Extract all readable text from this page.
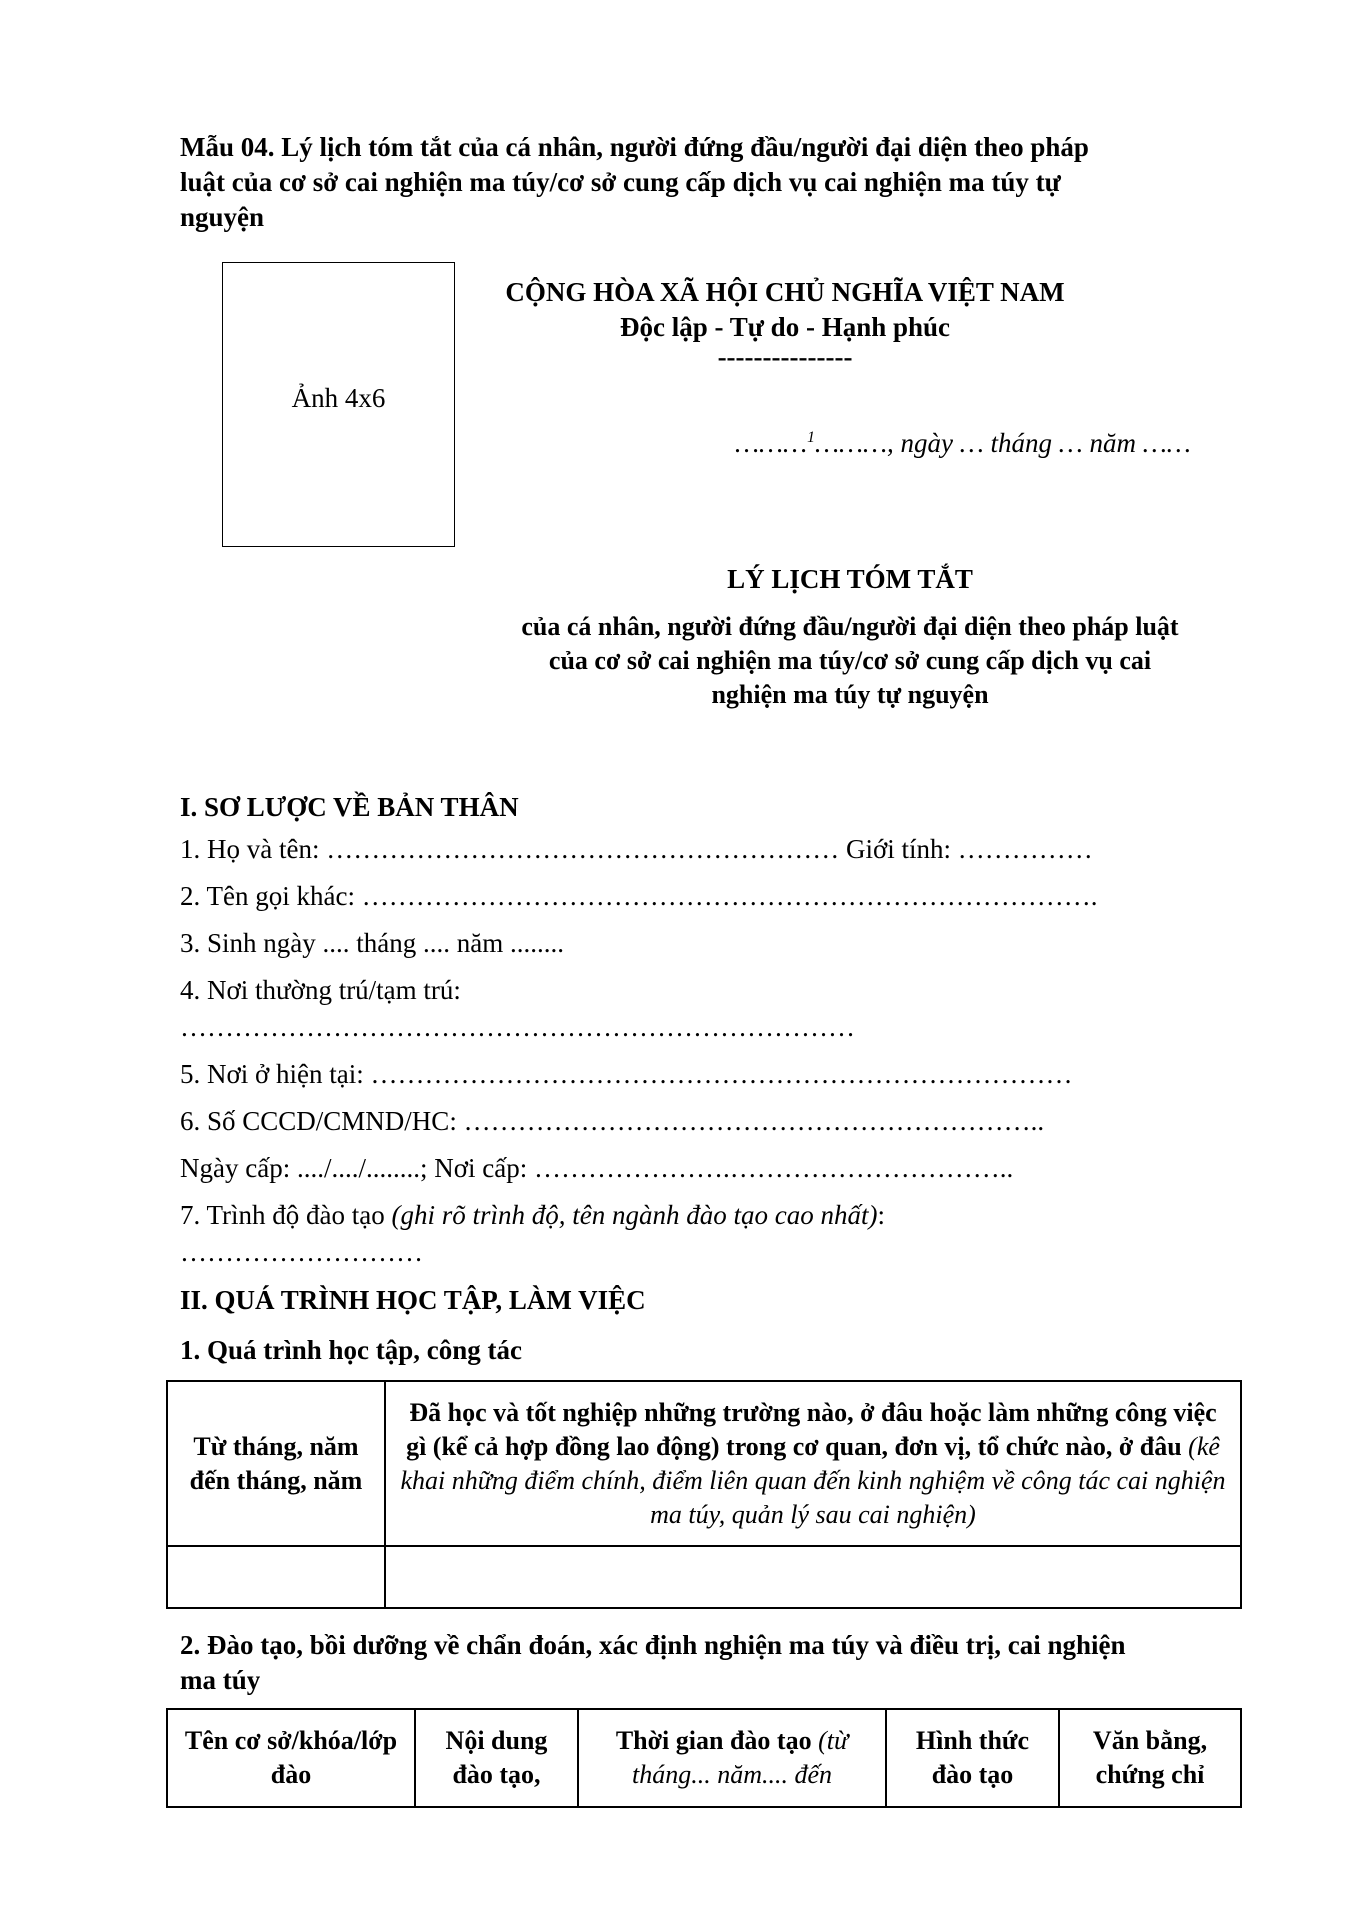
Mẫu 04. Lý lịch tóm tắt của cá nhân, người đứng đầu/người đại diện theo pháp
luật của cơ sở cai nghiện ma túy/cơ sở cung cấp dịch vụ cai nghiện ma túy tự
nguyện
Ảnh 4x6
CỘNG HÒA XÃ HỘI CHỦ NGHĨA VIỆT NAM
Độc lập - Tự do - Hạnh phúc
---------------
………$^1$………, ngày … tháng … năm ……
LÝ LỊCH TÓM TẮT
của cá nhân, người đứng đầu/người đại diện theo pháp luật
của cơ sở cai nghiện ma túy/cơ sở cung cấp dịch vụ cai
nghiện ma túy tự nguyện
I. SƠ LƯỢC VỀ BẢN THÂN
1. Họ và tên: ………………………………………………… Giới tính: ……………
2. Tên gọi khác: ……………………………………………………………………….
3. Sinh ngày .... tháng .... năm ........
4. Nơi thường trú/tạm trú:
…………………………………………………………………
5. Nơi ở hiện tại: ……………………………………………………………………
6. Số CCCD/CMND/HC: ………………………………………………………..
Ngày cấp: ..../..../........; Nơi cấp: ………………….…………………………..
7. Trình độ đào tạo (ghi rõ trình độ, tên ngành đào tạo cao nhất):
………………………
II. QUÁ TRÌNH HỌC TẬP, LÀM VIỆC
1. Quá trình học tập, công tác
Từ tháng, năm đến tháng, năm	Đã học và tốt nghiệp những trường nào, ở đâu hoặc làm những công việc gì (kể cả hợp đồng lao động) trong cơ quan, đơn vị, tổ chức nào, ở đâu (kê khai những điểm chính, điểm liên quan đến kinh nghiệm về công tác cai nghiện ma túy, quản lý sau cai nghiện)

2. Đào tạo, bồi dưỡng về chẩn đoán, xác định nghiện ma túy và điều trị, cai nghiện
ma túy
Tên cơ sở/khóa/lớp đào	Nội dung đào tạo,	Thời gian đào tạo (từ tháng... năm.... đến	Hình thức đào tạo	Văn bằng, chứng chỉ
